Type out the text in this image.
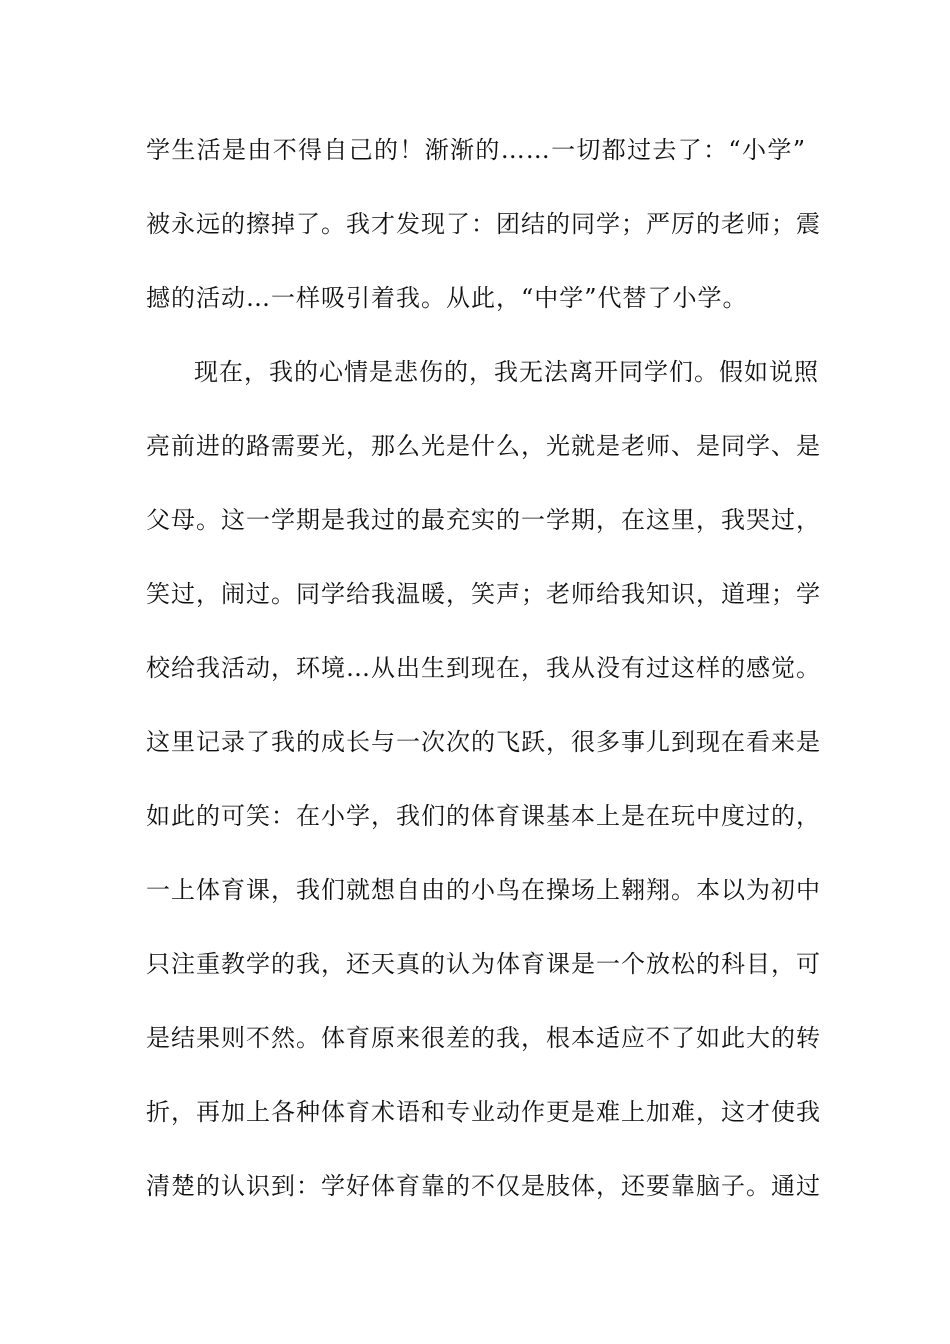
学生活是由不得自己的！渐渐的……一切都过去了：“小学”
被永远的擦掉了。我才发现了：团结的同学；严厉的老师；震
撼的活动…一样吸引着我。从此，“中学”代替了小学。
现在，我的心情是悲伤的，我无法离开同学们。假如说照
亮前进的路需要光，那么光是什么，光就是老师、是同学、是
父母。这一学期是我过的最充实的一学期，在这里，我哭过，
笑过，闹过。同学给我温暖，笑声；老师给我知识，道理；学
校给我活动，环境…从出生到现在，我从没有过这样的感觉。
这里记录了我的成长与一次次的飞跃，很多事儿到现在看来是
如此的可笑：在小学，我们的体育课基本上是在玩中度过的，
一上体育课，我们就想自由的小鸟在操场上翱翔。本以为初中
只注重教学的我，还天真的认为体育课是一个放松的科目，可
是结果则不然。体育原来很差的我，根本适应不了如此大的转
折，再加上各种体育术语和专业动作更是难上加难，这才使我
清楚的认识到：学好体育靠的不仅是肢体，还要靠脑子。通过
